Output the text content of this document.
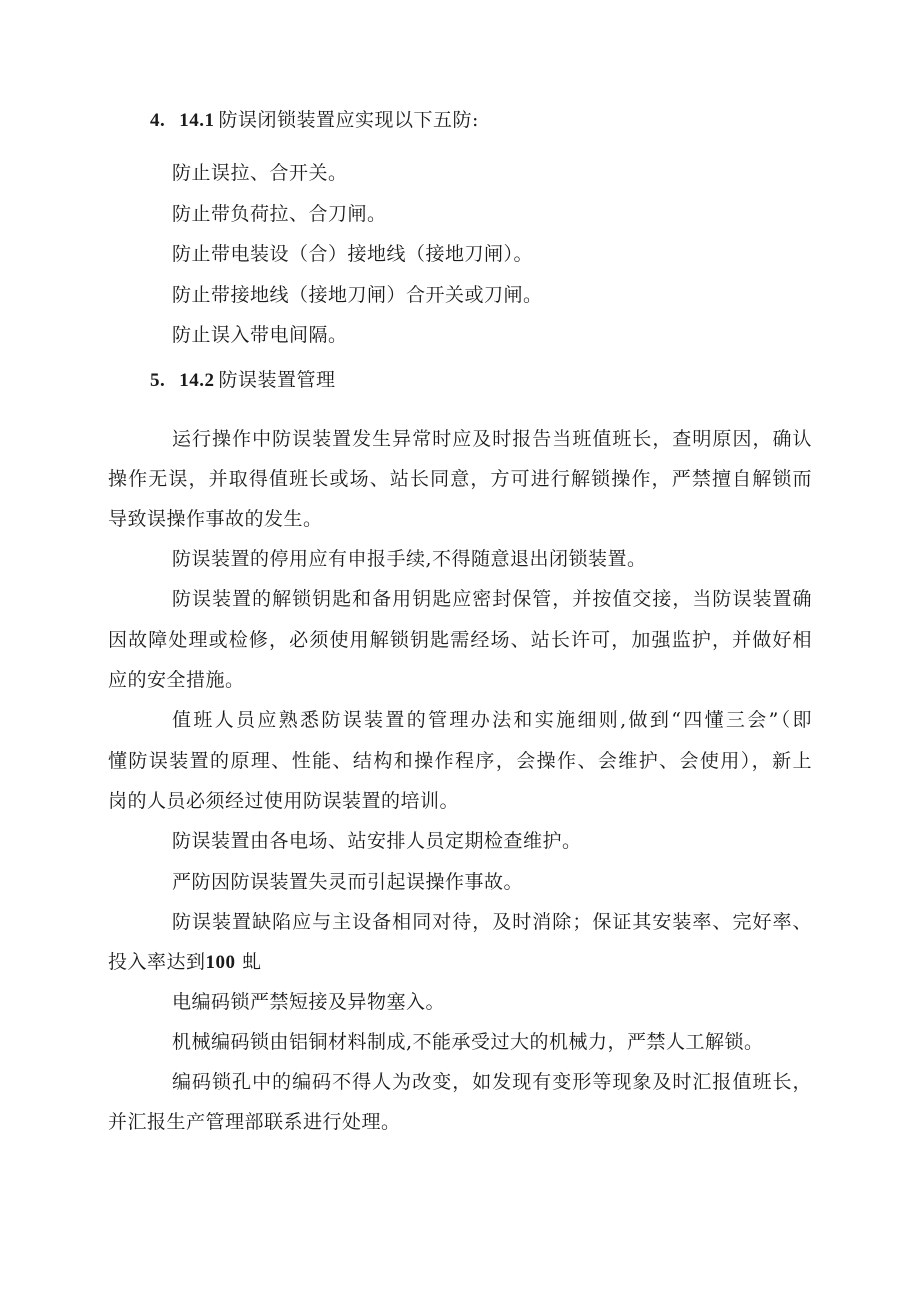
4. 14.1 防误闭锁装置应实现以下五防:
防止误拉、合开关。
防止带负荷拉、合刀闸。
防止带电装设（合）接地线（接地刀闸）。
防止带接地线（接地刀闸）合开关或刀闸。
防止误入带电间隔。
5. 14.2 防误装置管理
运行操作中防误装置发生异常时应及时报告当班值班长，查明原因，确认
操作无误，并取得值班长或场、站长同意，方可进行解锁操作，严禁擅自解锁而
导致误操作事故的发生。
防误装置的停用应有申报手续,不得随意退出闭锁装置。
防误装置的解锁钥匙和备用钥匙应密封保管，并按值交接，当防误装置确
因故障处理或检修，必须使用解锁钥匙需经场、站长许可，加强监护，并做好相
应的安全措施。
值班人员应熟悉防误装置的管理办法和实施细则,做到“四懂三会”（即
懂防误装置的原理、性能、结构和操作程序，会操作、会维护、会使用），新上
岗的人员必须经过使用防误装置的培训。
防误装置由各电场、站安排人员定期检查维护。
严防因防误装置失灵而引起误操作事故。
防误装置缺陷应与主设备相同对待，及时消除；保证其安装率、完好率、
投入率达到100 虬
电编码锁严禁短接及异物塞入。
机械编码锁由铝铜材料制成,不能承受过大的机械力，严禁人工解锁。
编码锁孔中的编码不得人为改变，如发现有变形等现象及时汇报值班长，
并汇报生产管理部联系进行处理。
